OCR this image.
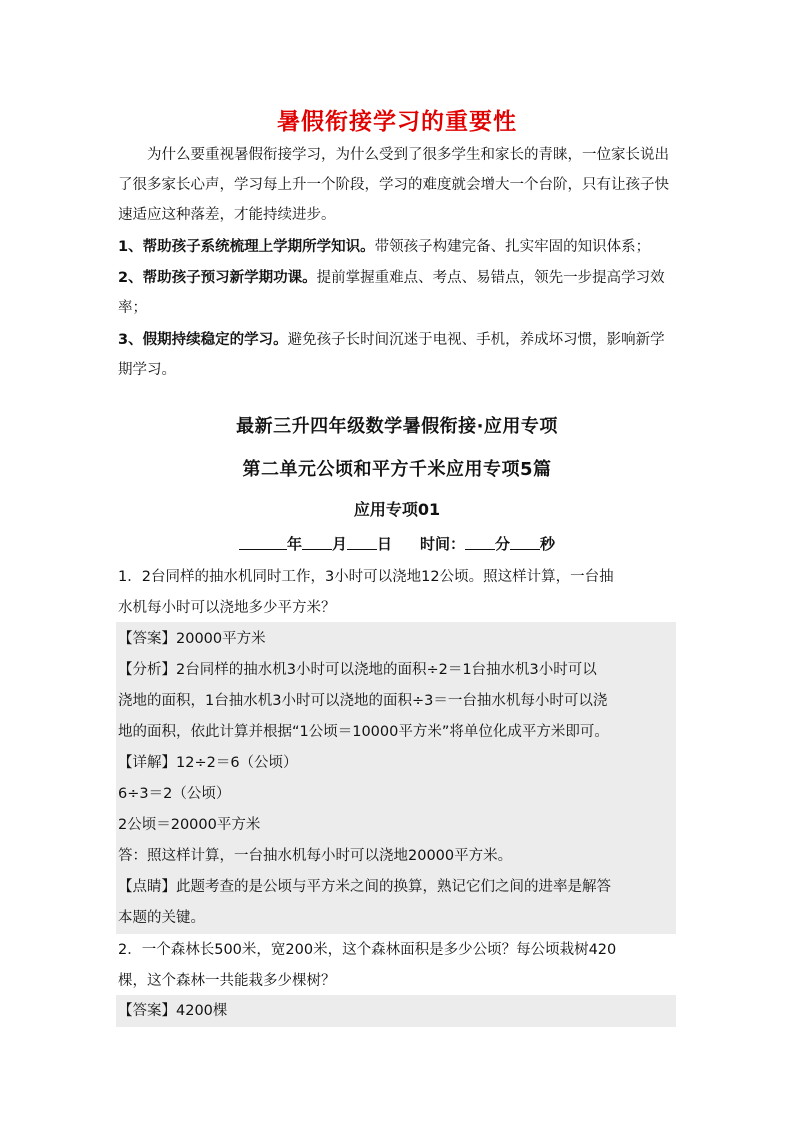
暑假衔接学习的重要性
为什么要重视暑假衔接学习，为什么受到了很多学生和家长的青睐，一位家长说出了很多家长心声，学习每上升一个阶段，学习的难度就会增大一个台阶，只有让孩子快速适应这种落差，才能持续进步。
1、帮助孩子系统梳理上学期所学知识。带领孩子构建完备、扎实牢固的知识体系；
2、帮助孩子预习新学期功课。提前掌握重难点、考点、易错点，领先一步提高学习效率；
3、假期持续稳定的学习。避免孩子长时间沉迷于电视、手机，养成坏习惯，影响新学期学习。
最新三升四年级数学暑假衔接·应用专项
第二单元公顷和平方千米应用专项5篇
应用专项01
年 月 日 时间： 分 秒
1．2台同样的抽水机同时工作，3小时可以浇地12公顷。照这样计算，一台抽
水机每小时可以浇地多少平方米？
【答案】20000平方米
【分析】2台同样的抽水机3小时可以浇地的面积÷2＝1台抽水机3小时可以
浇地的面积，1台抽水机3小时可以浇地的面积÷3＝一台抽水机每小时可以浇
地的面积，依此计算并根据“1公顷＝10000平方米”将单位化成平方米即可。
【详解】12÷2＝6（公顷）
6÷3＝2（公顷）
2公顷＝20000平方米
答：照这样计算，一台抽水机每小时可以浇地20000平方米。
【点睛】此题考查的是公顷与平方米之间的换算，熟记它们之间的进率是解答
本题的关键。
2．一个森林长500米，宽200米，这个森林面积是多少公顷？每公顷栽树420
棵，这个森林一共能栽多少棵树？
【答案】4200棵
